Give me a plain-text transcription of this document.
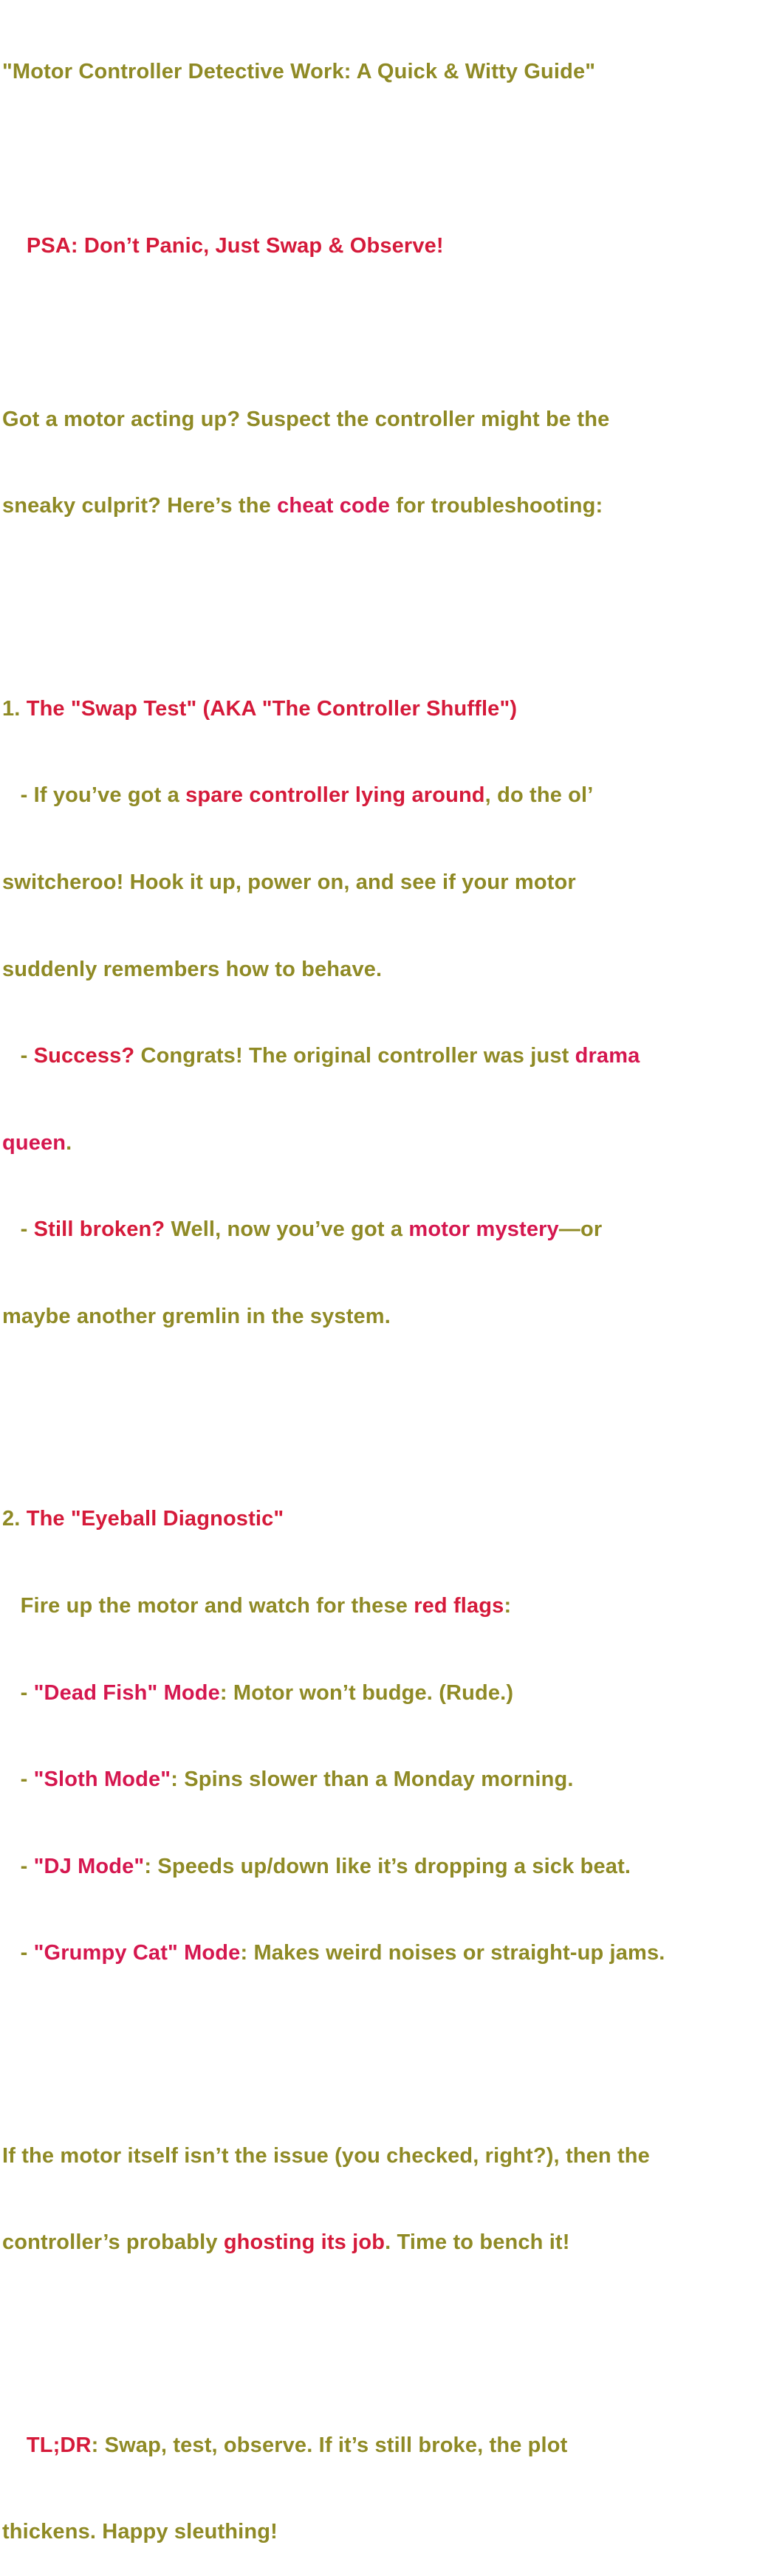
"Motor Controller Detective Work: A Quick & Witty Guide"

PSA: Don’t Panic, Just Swap & Observe!

Got a motor acting up? Suspect the controller might be the

sneaky culprit? Here’s the cheat code for troubleshooting:

1. The "Swap Test" (AKA "The Controller Shuffle")

- If you’ve got a spare controller lying around, do the ol’

switcheroo! Hook it up, power on, and see if your motor

suddenly remembers how to behave.

- Success? Congrats! The original controller was just drama

queen.

- Still broken? Well, now you’ve got a motor mystery—or

maybe another gremlin in the system.

2. The "Eyeball Diagnostic"

Fire up the motor and watch for these red flags:

- "Dead Fish" Mode: Motor won’t budge. (Rude.)

- "Sloth Mode": Spins slower than a Monday morning.

- "DJ Mode": Speeds up/down like it’s dropping a sick beat.

- "Grumpy Cat" Mode: Makes weird noises or straight-up jams.

If the motor itself isn’t the issue (you checked, right?), then the

controller’s probably ghosting its job. Time to bench it!

TL;DR: Swap, test, observe. If it’s still broke, the plot

thickens. Happy sleuthing!
